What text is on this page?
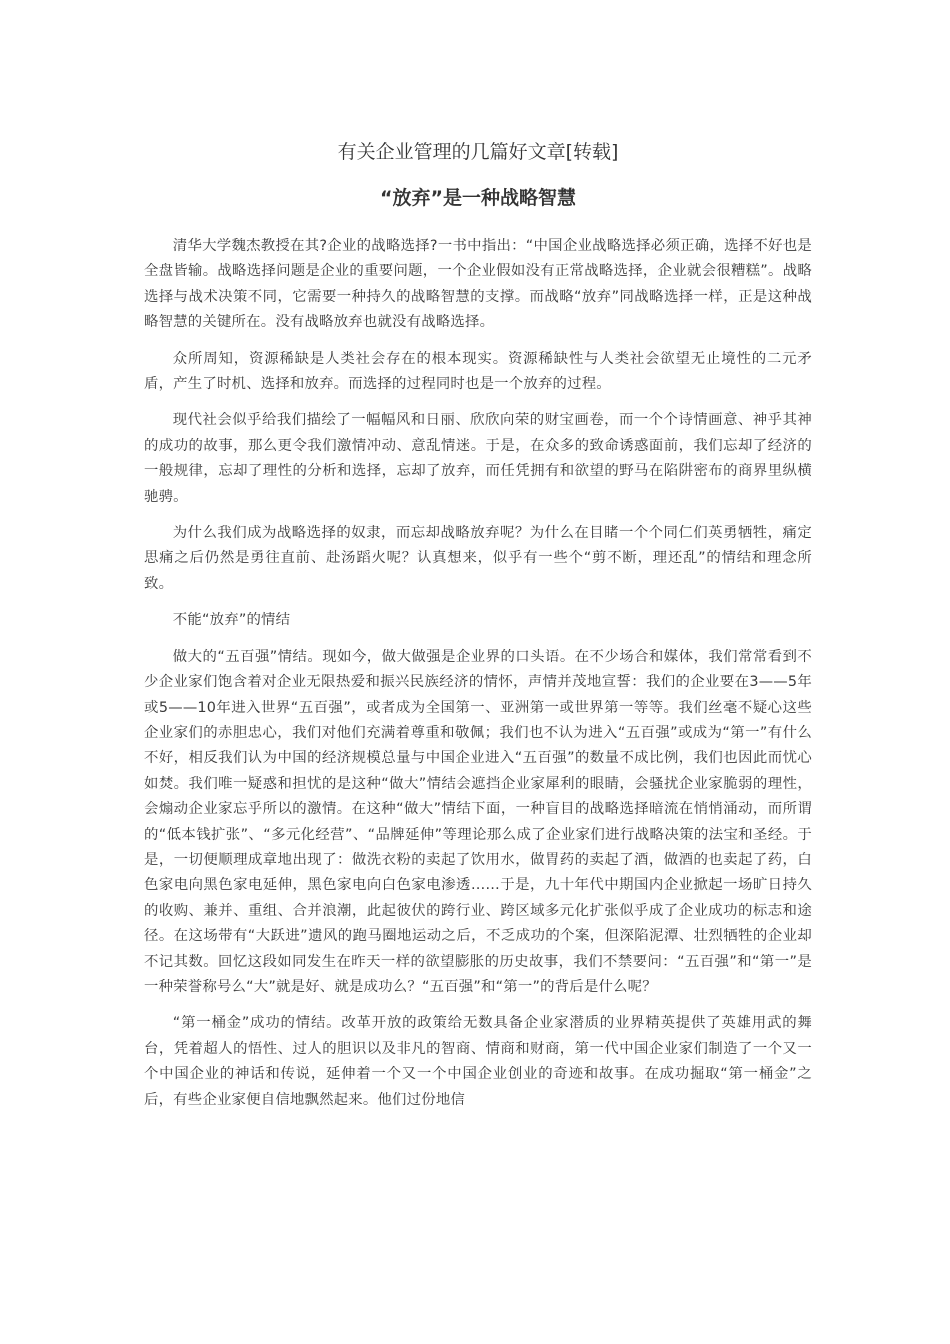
有关企业管理的几篇好文章[转载]
“放弃”是一种战略智慧

清华大学魏杰教授在其?企业的战略选择?一书中指出：“中国企业战略选择必须正确，选择不好也是全盘皆输。战略选择问题是企业的重要问题，一个企业假如没有正常战略选择，企业就会很糟糕”。战略选择与战术决策不同，它需要一种持久的战略智慧的支撑。而战略“放弃”同战略选择一样，正是这种战略智慧的关键所在。没有战略放弃也就没有战略选择。

众所周知，资源稀缺是人类社会存在的根本现实。资源稀缺性与人类社会欲望无止境性的二元矛盾，产生了时机、选择和放弃。而选择的过程同时也是一个放弃的过程。

现代社会似乎给我们描绘了一幅幅风和日丽、欣欣向荣的财宝画卷，而一个个诗情画意、神乎其神的成功的故事，那么更令我们激情冲动、意乱情迷。于是，在众多的致命诱惑面前，我们忘却了经济的一般规律，忘却了理性的分析和选择，忘却了放弃，而任凭拥有和欲望的野马在陷阱密布的商界里纵横驰骋。

为什么我们成为战略选择的奴隶，而忘却战略放弃呢？为什么在目睹一个个同仁们英勇牺牲，痛定思痛之后仍然是勇往直前、赴汤蹈火呢？认真想来，似乎有一些个“剪不断，理还乱”的情结和理念所致。

不能“放弃”的情结

做大的“五百强”情结。现如今，做大做强是企业界的口头语。在不少场合和媒体，我们常常看到不少企业家们饱含着对企业无限热爱和振兴民族经济的情怀，声情并茂地宣誓：我们的企业要在3——5年或5——10年进入世界“五百强”，或者成为全国第一、亚洲第一或世界第一等等。我们丝毫不疑心这些企业家们的赤胆忠心，我们对他们充满着尊重和敬佩；我们也不认为进入“五百强”或成为“第一”有什么不好，相反我们认为中国的经济规模总量与中国企业进入“五百强”的数量不成比例，我们也因此而忧心如焚。我们唯一疑惑和担忧的是这种“做大”情结会遮挡企业家犀利的眼睛，会骚扰企业家脆弱的理性，会煽动企业家忘乎所以的激情。在这种“做大”情结下面，一种盲目的战略选择暗流在悄悄涌动，而所谓的“低本钱扩张”、“多元化经营”、“品牌延伸”等理论那么成了企业家们进行战略决策的法宝和圣经。于是，一切便顺理成章地出现了：做洗衣粉的卖起了饮用水，做胃药的卖起了酒，做酒的也卖起了药，白色家电向黑色家电延伸，黑色家电向白色家电渗透……于是，九十年代中期国内企业掀起一场旷日持久的收购、兼并、重组、合并浪潮，此起彼伏的跨行业、跨区域多元化扩张似乎成了企业成功的标志和途径。在这场带有“大跃进”遗风的跑马圈地运动之后，不乏成功的个案，但深陷泥潭、壮烈牺牲的企业却不记其数。回忆这段如同发生在昨天一样的欲望膨胀的历史故事，我们不禁要问：“五百强”和“第一”是一种荣誉称号么“大”就是好、就是成功么？“五百强”和“第一”的背后是什么呢？

“第一桶金”成功的情结。改革开放的政策给无数具备企业家潜质的业界精英提供了英雄用武的舞台，凭着超人的悟性、过人的胆识以及非凡的智商、情商和财商，第一代中国企业家们制造了一个又一个中国企业的神话和传说，延伸着一个又一个中国企业创业的奇迹和故事。在成功掘取“第一桶金”之后，有些企业家便自信地飘然起来。他们过份地信
